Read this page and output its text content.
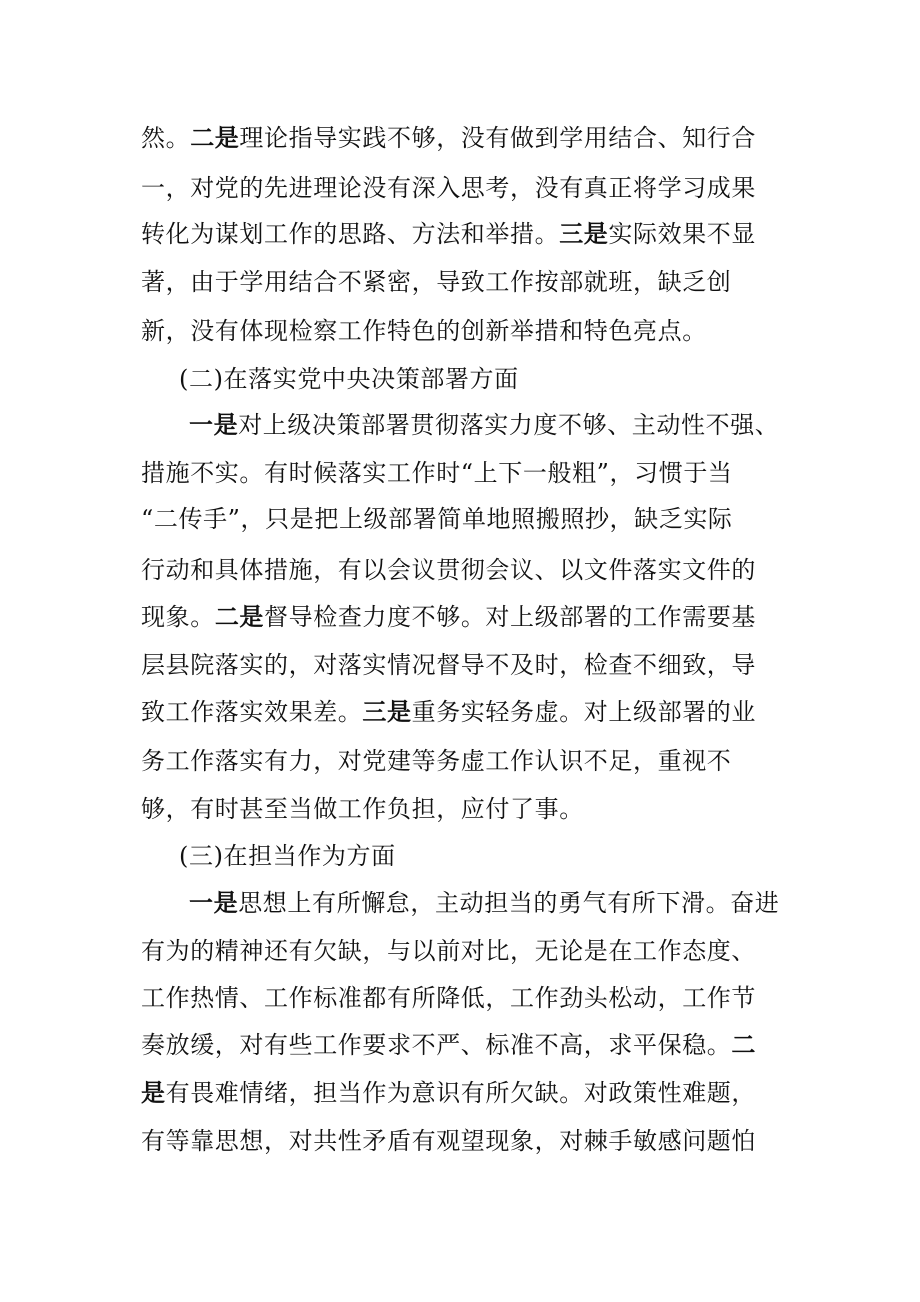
然。二是理论指导实践不够，没有做到学用结合、知行合
一，对党的先进理论没有深入思考，没有真正将学习成果
转化为谋划工作的思路、方法和举措。三是实际效果不显
著，由于学用结合不紧密，导致工作按部就班，缺乏创
新，没有体现检察工作特色的创新举措和特色亮点。
(二)在落实党中央决策部署方面
一是对上级决策部署贯彻落实力度不够、主动性不强、
措施不实。有时候落实工作时“上下一般粗”，习惯于当
“二传手”，只是把上级部署简单地照搬照抄，缺乏实际
行动和具体措施，有以会议贯彻会议、以文件落实文件的
现象。二是督导检查力度不够。对上级部署的工作需要基
层县院落实的，对落实情况督导不及时，检查不细致，导
致工作落实效果差。三是重务实轻务虚。对上级部署的业
务工作落实有力，对党建等务虚工作认识不足，重视不
够，有时甚至当做工作负担，应付了事。
(三)在担当作为方面
一是思想上有所懈怠，主动担当的勇气有所下滑。奋进
有为的精神还有欠缺，与以前对比，无论是在工作态度、
工作热情、工作标准都有所降低，工作劲头松动，工作节
奏放缓，对有些工作要求不严、标准不高，求平保稳。二
是有畏难情绪，担当作为意识有所欠缺。对政策性难题，
有等靠思想，对共性矛盾有观望现象，对棘手敏感问题怕
